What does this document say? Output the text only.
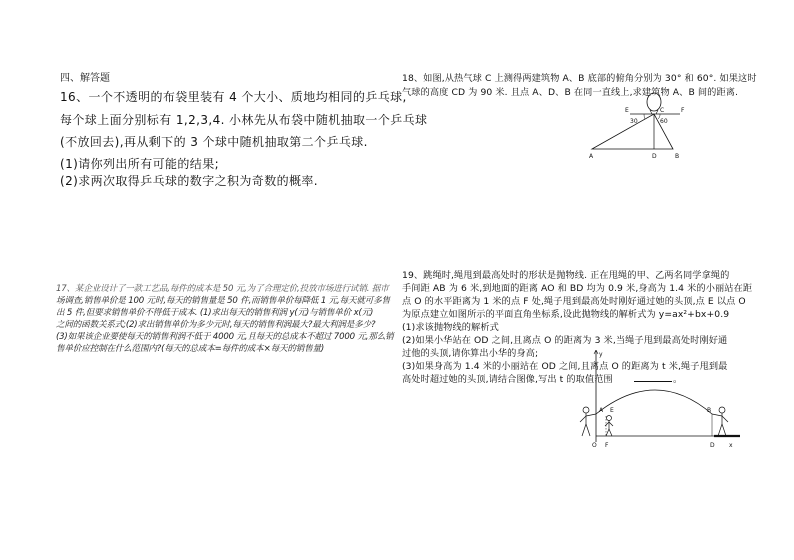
四、解答题
16、一个不透明的布袋里装有 4 个大小、质地均相同的乒乓球,
每个球上面分别标有 1,2,3,4. 小林先从布袋中随机抽取一个乒乓球
(不放回去),再从剩下的 3 个球中随机抽取第二个乒乓球.
(1)请你列出所有可能的结果;
(2)求两次取得乒乓球的数字之积为奇数的概率.
17、某企业设计了一款工艺品,每件的成本是 50 元,为了合理定价,投放市场进行试销. 据市
场调查,销售单价是 100 元时,每天的销售量是 50 件,而销售单价每降低 1 元,每天就可多售
出 5 件,但要求销售单价不得低于成本. (1)求出每天的销售利润 y(元)与销售单价 x(元)
之间的函数关系式;(2)求出销售单价为多少元时,每天的销售利润最大?最大利润是多少?
(3)如果该企业要使每天的销售利润不低于 4000 元,且每天的总成本不超过 7000 元,那么销
售单价应控制在什么范围内?(每天的总成本=每件的成本×每天的销售量)
18、如图,从热气球 C 上测得两建筑物 A、B 底部的俯角分别为 30° 和 60°. 如果这时
气球的高度 CD 为 90 米. 且点 A、D、B 在同一直线上,求建筑物 A、B 间的距离.
E	C	F
30	60
A	D	B
19、跳绳时,绳甩到最高处时的形状是抛物线. 正在甩绳的甲、乙两名同学拿绳的
手间距 AB 为 6 米,到地面的距离 AO 和 BD 均为 0.9 米,身高为 1.4 米的小丽站在距
点 O 的水平距离为 1 米的点 F 处,绳子甩到最高处时刚好通过她的头顶,点 E 以点 O
为原点建立如图所示的平面直角坐标系,设此抛物线的解析式为 y=ax²+bx+0.9
(1)求该抛物线的解析式
(2)如果小华站在 OD 之间,且离点 O 的距离为 3 米,当绳子甩到最高处时刚好通
过他的头顶,请你算出小华的身高;
(3)如果身高为 1.4 米的小丽站在 OD 之间,且离点 O 的距离为 t 米,绳子甩到最
高处时超过她的头顶,请结合图像,写出 t 的取值范围	。
y
A E	B
O F	D x
